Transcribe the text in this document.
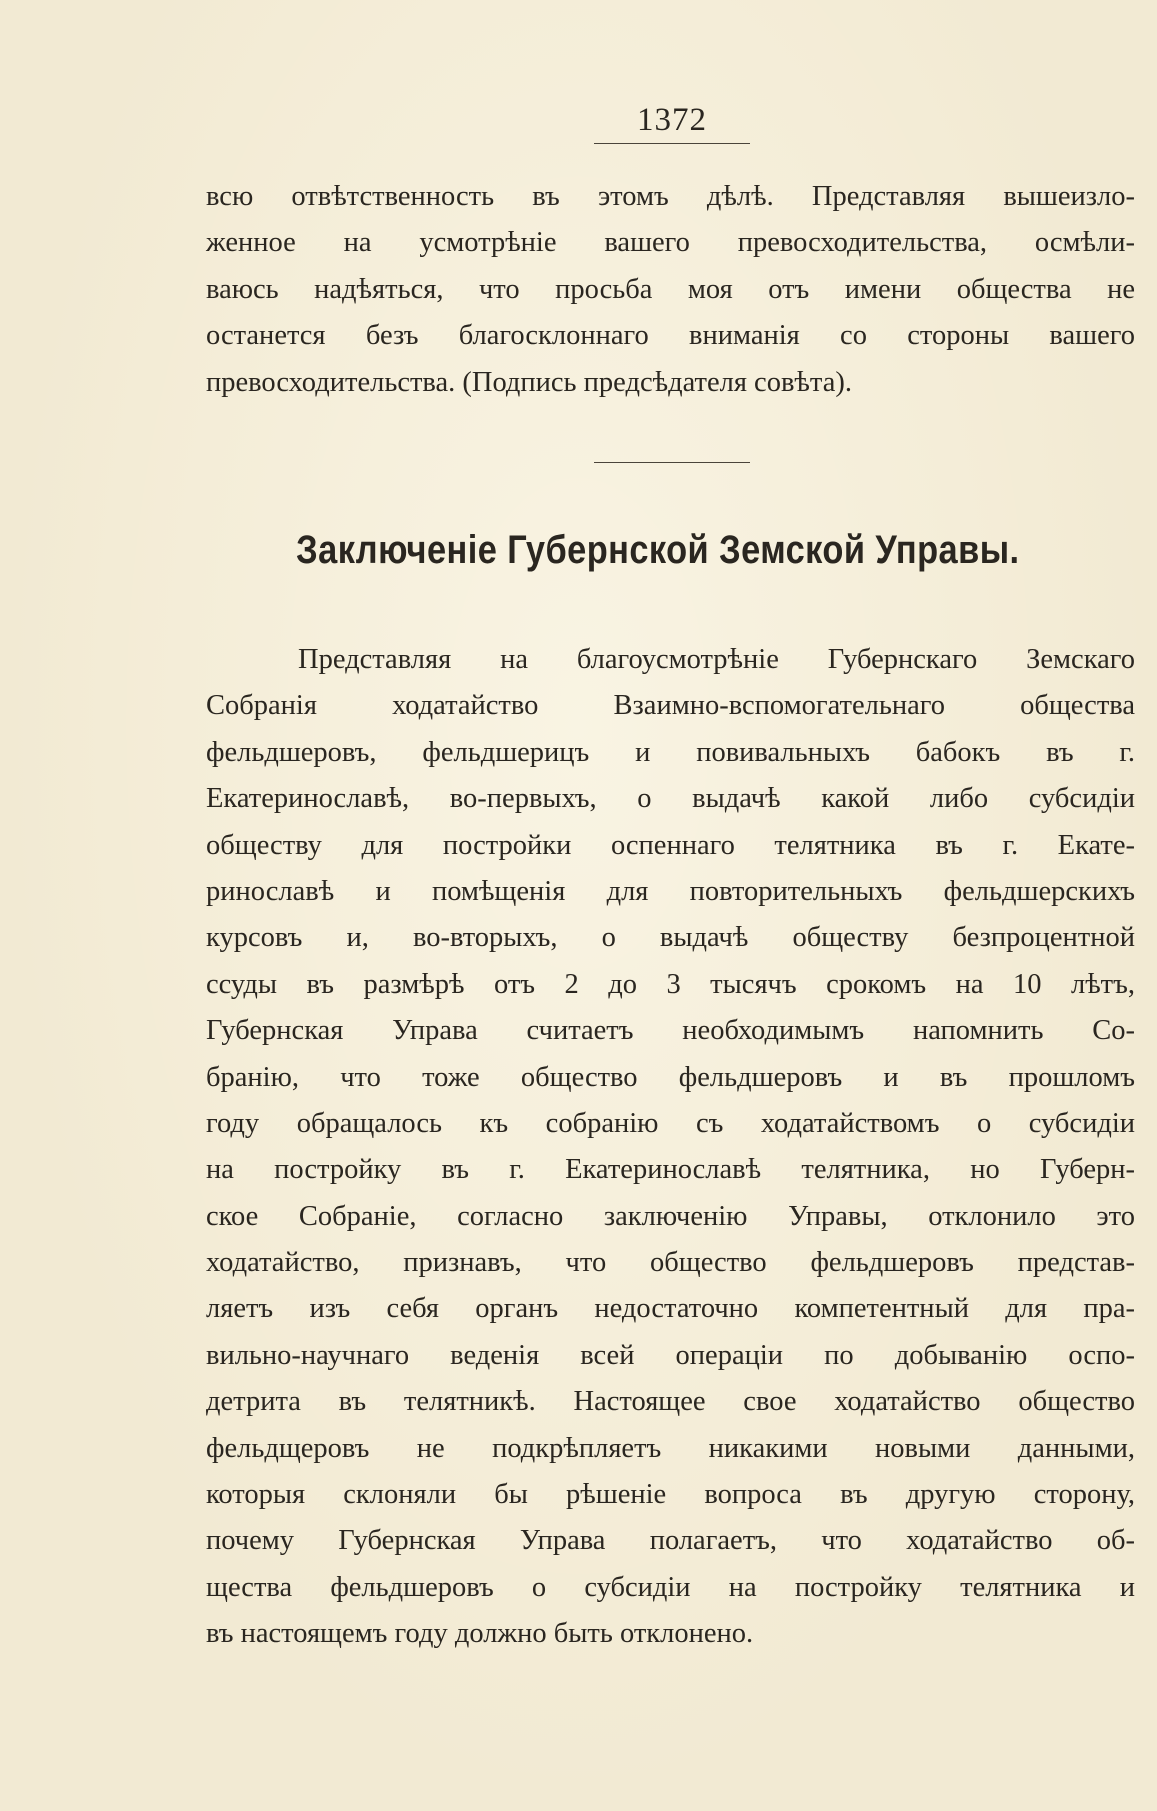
1372
всю отвѣтственность въ этомъ дѣлѣ. Представляя вышеизло-
женное на усмотрѣніе вашего превосходительства, осмѣли-
ваюсь надѣяться, что просьба моя отъ имени общества не
останется безъ благосклоннаго вниманія со стороны вашего
превосходительства. (Подпись предсѣдателя совѣта).
Заключеніе Губернской Земской Управы.
Представляя на благоусмотрѣніе Губернскаго Земскаго
Собранія ходатайство Взаимно-вспомогательнаго общества
фельдшеровъ, фельдшерицъ и повивальныхъ бабокъ въ г.
Екатеринославѣ, во-первыхъ, о выдачѣ какой либо субсидіи
обществу для постройки оспеннаго телятника въ г. Екате-
ринославѣ и помѣщенія для повторительныхъ фельдшерскихъ
курсовъ и, во-вторыхъ, о выдачѣ обществу безпроцентной
ссуды въ размѣрѣ отъ 2 до 3 тысячъ срокомъ на 10 лѣтъ,
Губернская Управа считаетъ необходимымъ напомнить Со-
бранію, что тоже общество фельдшеровъ и въ прошломъ
году обращалось къ собранію съ ходатайствомъ о субсидіи
на постройку въ г. Екатеринославѣ телятника, но Губерн-
ское Собраніе, согласно заключенію Управы, отклонило это
ходатайство, признавъ, что общество фельдшеровъ представ-
ляетъ изъ себя органъ недостаточно компетентный для пра-
вильно-научнаго веденія всей операціи по добыванію оспо-
детрита въ телятникѣ. Настоящее свое ходатайство общество
фельдщеровъ не подкрѣпляетъ никакими новыми данными,
которыя склоняли бы рѣшеніе вопроса въ другую сторону,
почему Губернская Управа полагаетъ, что ходатайство об-
щества фельдшеровъ о субсидіи на постройку телятника и
въ настоящемъ году должно быть отклонено.
